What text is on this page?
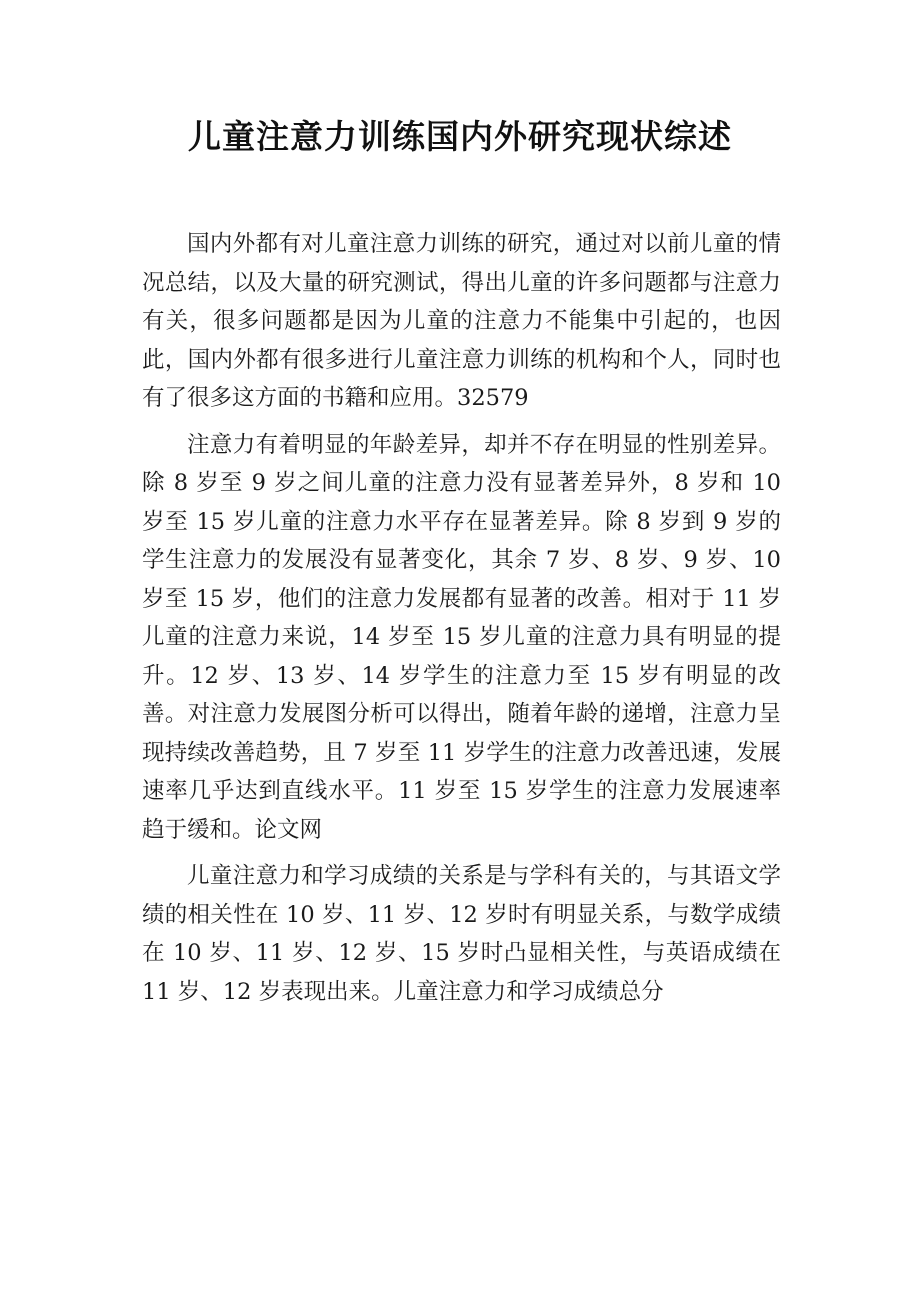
儿童注意力训练国内外研究现状综述

国内外都有对儿童注意力训练的研究，通过对以前儿童的情况总结，以及大量的研究测试，得出儿童的许多问题都与注意力有关，很多问题都是因为儿童的注意力不能集中引起的，也因此，国内外都有很多进行儿童注意力训练的机构和个人，同时也有了很多这方面的书籍和应用。32579

注意力有着明显的年龄差异，却并不存在明显的性别差异。除 8 岁至 9 岁之间儿童的注意力没有显著差异外，8 岁和 10 岁至 15 岁儿童的注意力水平存在显著差异。除 8 岁到 9 岁的学生注意力的发展没有显著变化，其余 7 岁、8 岁、9 岁、10 岁至 15 岁，他们的注意力发展都有显著的改善。相对于 11 岁儿童的注意力来说，14 岁至 15 岁儿童的注意力具有明显的提升。12 岁、13 岁、14 岁学生的注意力至 15 岁有明显的改善。对注意力发展图分析可以得出，随着年龄的递增，注意力呈现持续改善趋势，且 7 岁至 11 岁学生的注意力改善迅速，发展速率几乎达到直线水平。11 岁至 15 岁学生的注意力发展速率趋于缓和。论文网

儿童注意力和学习成绩的关系是与学科有关的，与其语文学绩的相关性在 10 岁、11 岁、12 岁时有明显关系，与数学成绩在 10 岁、11 岁、12 岁、15 岁时凸显相关性，与英语成绩在 11 岁、12 岁表现出来。儿童注意力和学习成绩总分
